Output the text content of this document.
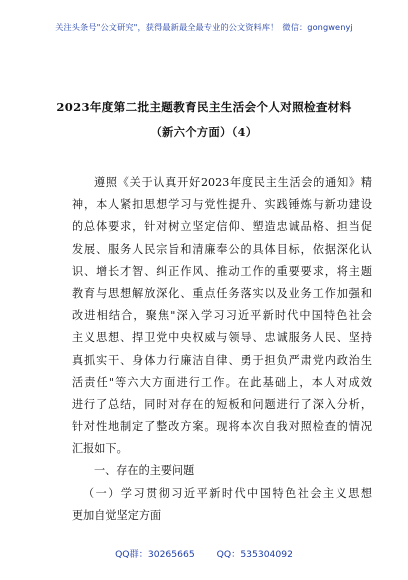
关注头条号"公文研究"，获得最新最全最专业的公文资料库！ 微信：gongwenyj
2023年度第二批主题教育民主生活会个人对照检查材料
（新六个方面）（4）
遵照《关于认真开好2023年度民主生活会的通知》精
神，本人紧扣思想学习与党性提升、实践锤炼与新功建设
的总体要求，针对树立坚定信仰、塑造忠诚品格、担当促
发展、服务人民宗旨和清廉奉公的具体目标，依据深化认
识、增长才智、纠正作风、推动工作的重要要求，将主题
教育与思想解放深化、重点任务落实以及业务工作加强和
改进相结合，聚焦"深入学习习近平新时代中国特色社会
主义思想、捍卫党中央权威与领导、忠诚服务人民、坚持
真抓实干、身体力行廉洁自律、勇于担负严肃党内政治生
活责任"等六大方面进行工作。在此基础上，本人对成效
进行了总结，同时对存在的短板和问题进行了深入分析，
针对性地制定了整改方案。现将本次自我对照检查的情况
汇报如下。
一、存在的主要问题
（一）学习贯彻习近平新时代中国特色社会主义思想
更加自觉坚定方面
QQ群：30265665 QQ：535304092
